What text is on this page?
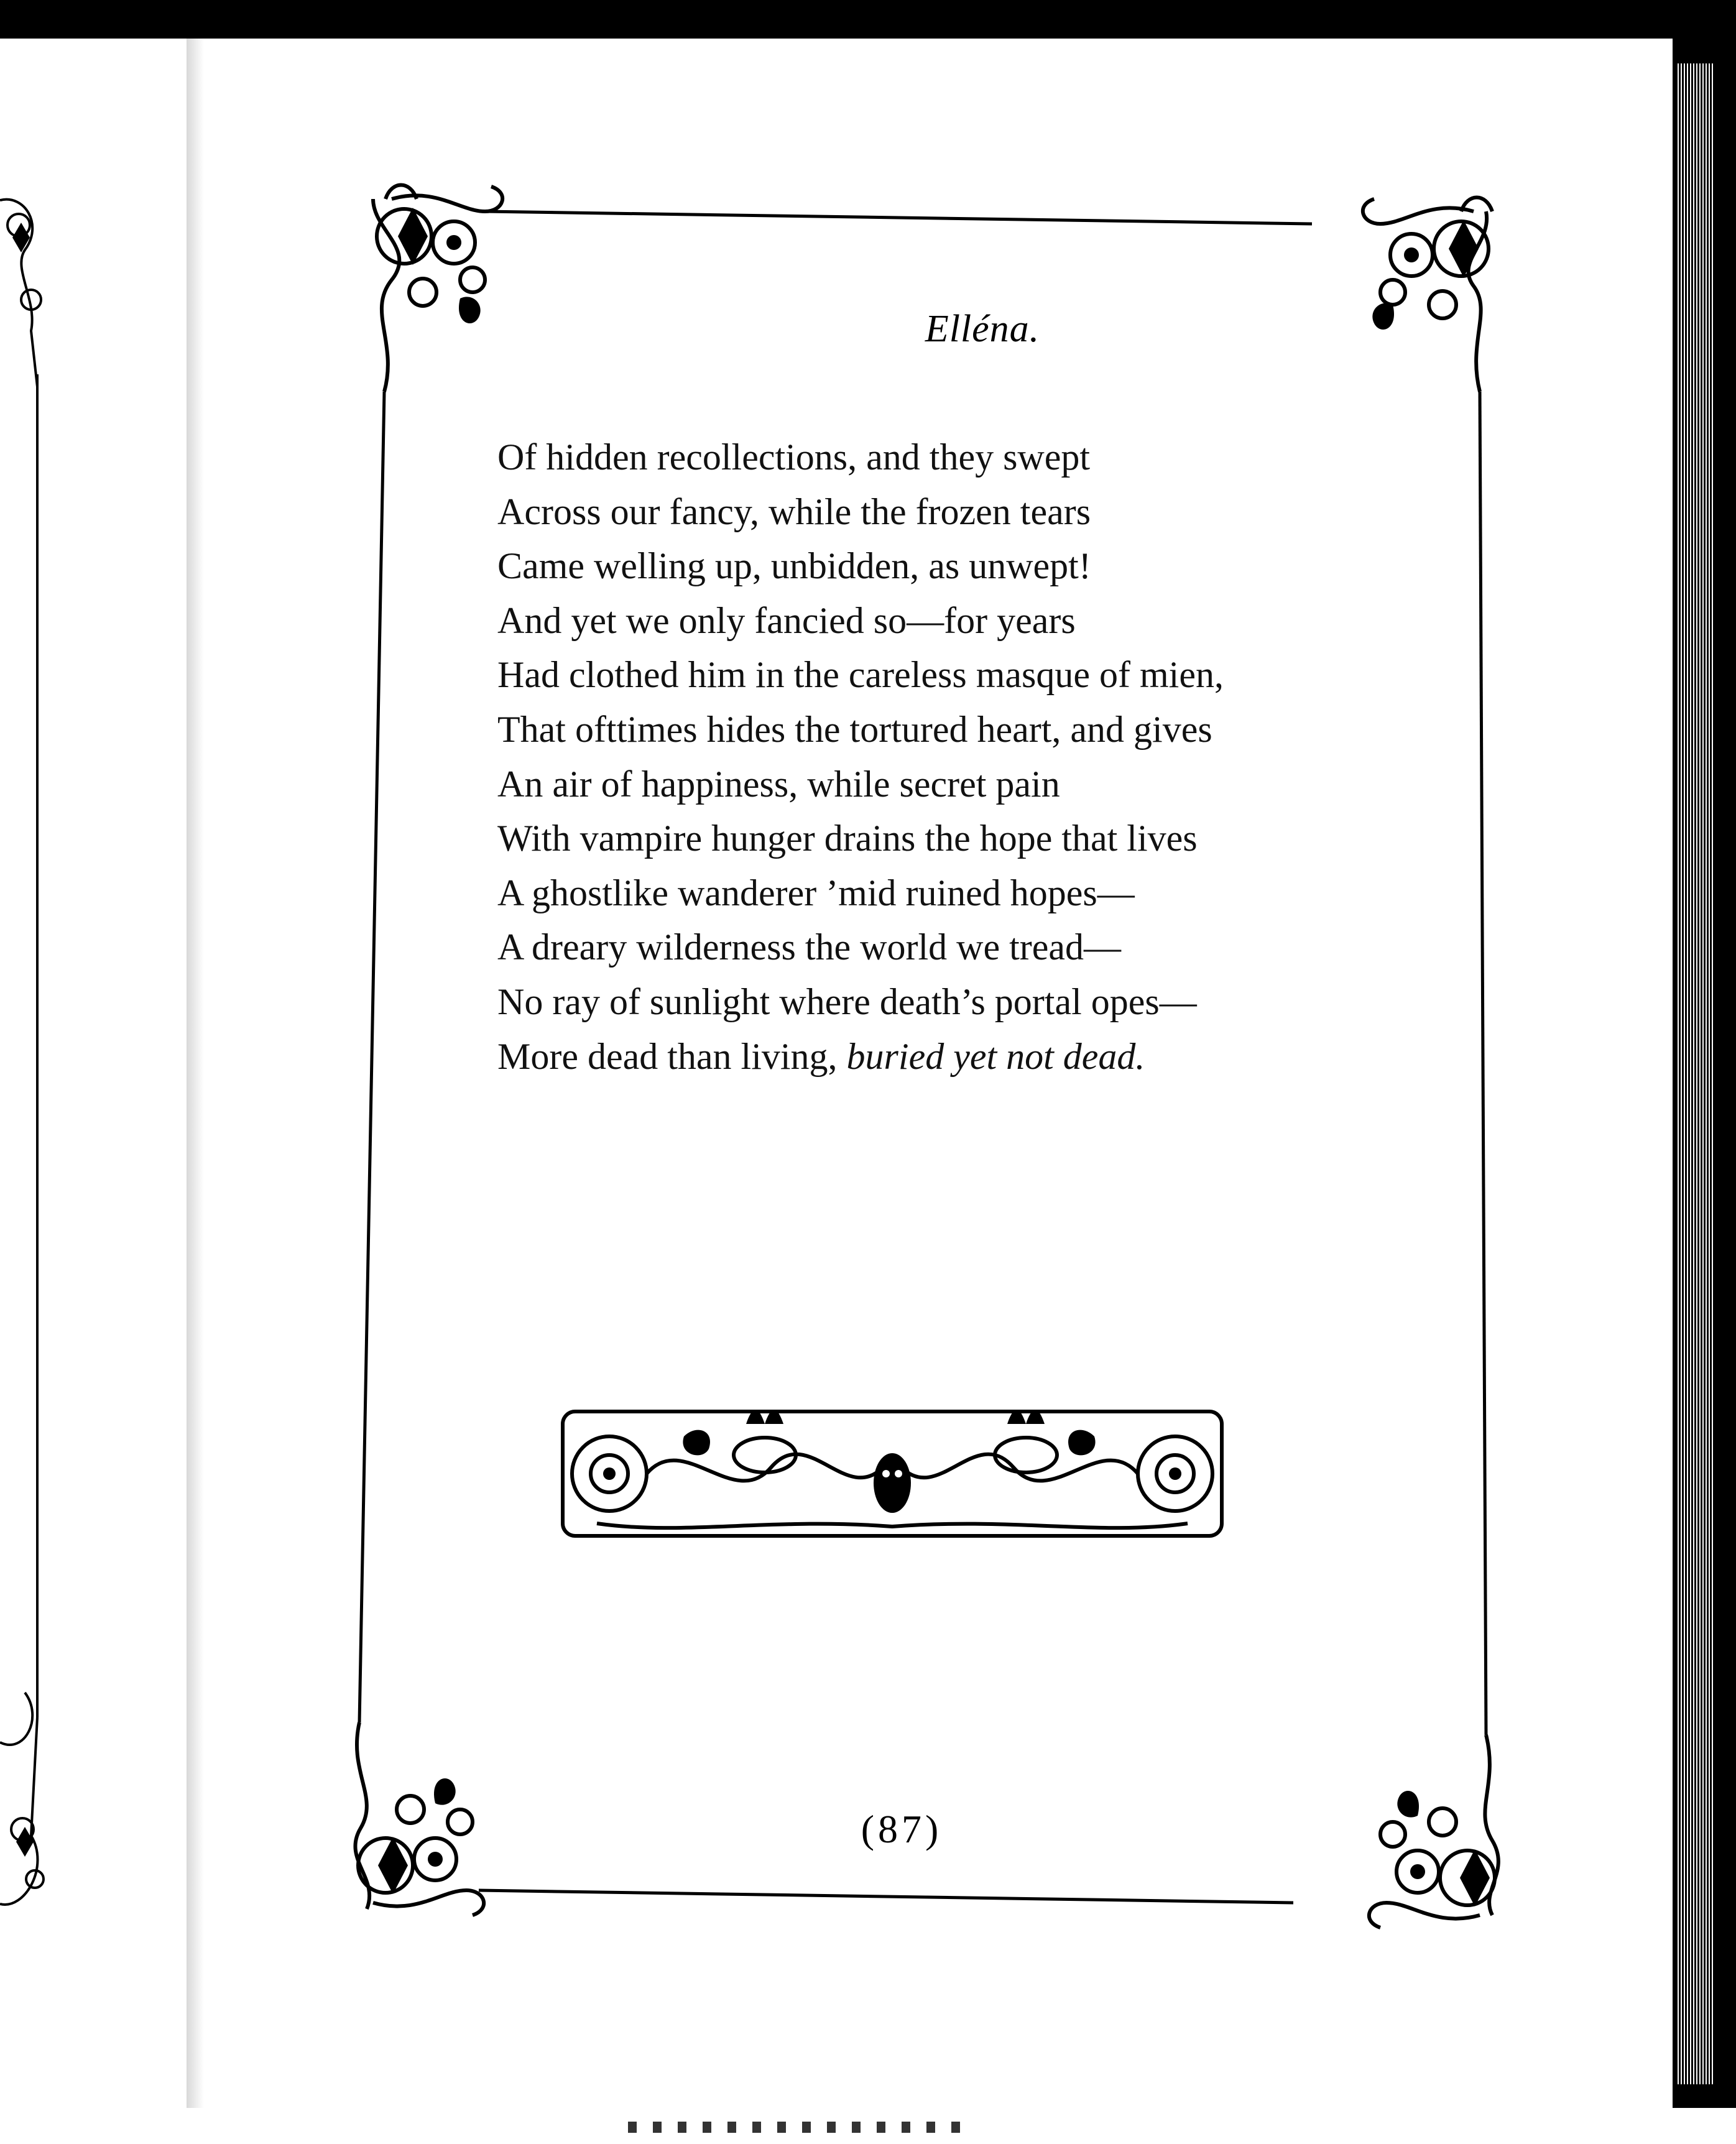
Elléna.
Of hidden recollections, and they swept
Across our fancy, while the frozen tears
Came welling up, unbidden, as unwept!
And yet we only fancied so—for years
Had clothed him in the careless masque of mien,
That ofttimes hides the tortured heart, and gives
An air of happiness, while secret pain
With vampire hunger drains the hope that lives
A ghostlike wanderer ’mid ruined hopes—
A dreary wilderness the world we tread—
No ray of sunlight where death’s portal opes—
More dead than living, buried yet not dead.
(87)
